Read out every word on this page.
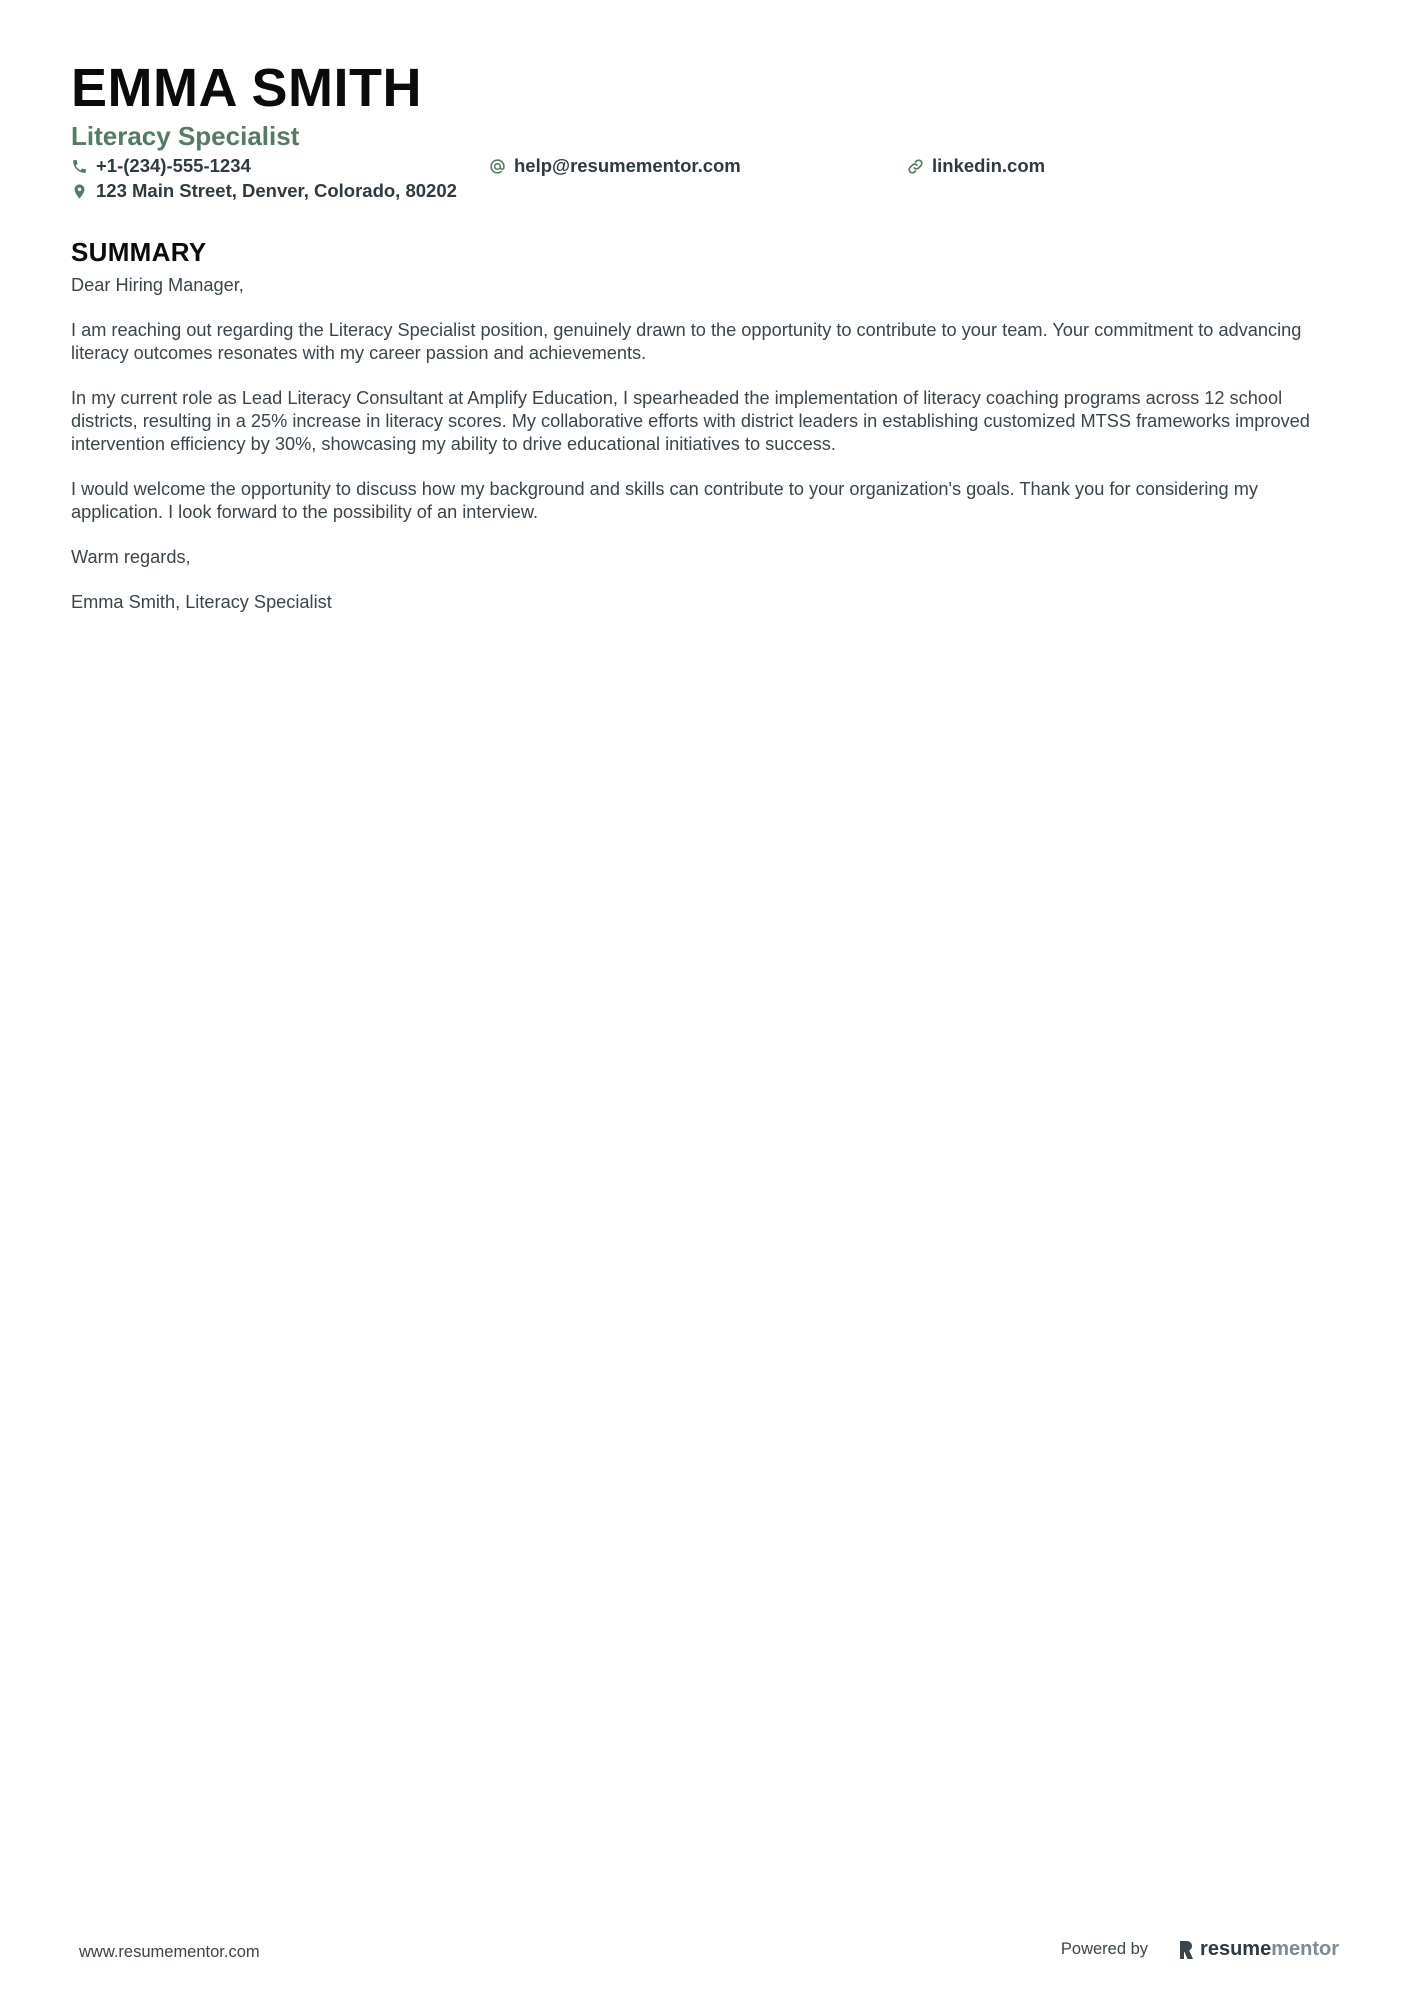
EMMA SMITH
Literacy Specialist
+1-(234)-555-1234	help@resumementor.com	linkedin.com
123 Main Street, Denver, Colorado, 80202
SUMMARY

Dear Hiring Manager,

I am reaching out regarding the Literacy Specialist position, genuinely drawn to the opportunity to contribute to your team. Your commitment to advancing literacy outcomes resonates with my career passion and achievements.

In my current role as Lead Literacy Consultant at Amplify Education, I spearheaded the implementation of literacy coaching programs across 12 school districts, resulting in a 25% increase in literacy scores. My collaborative efforts with district leaders in establishing customized MTSS frameworks improved intervention efficiency by 30%, showcasing my ability to drive educational initiatives to success.

I would welcome the opportunity to discuss how my background and skills can contribute to your organization's goals. Thank you for considering my application. I look forward to the possibility of an interview.

Warm regards,

Emma Smith, Literacy Specialist

www.resumementor.com	Powered by	resumementor
